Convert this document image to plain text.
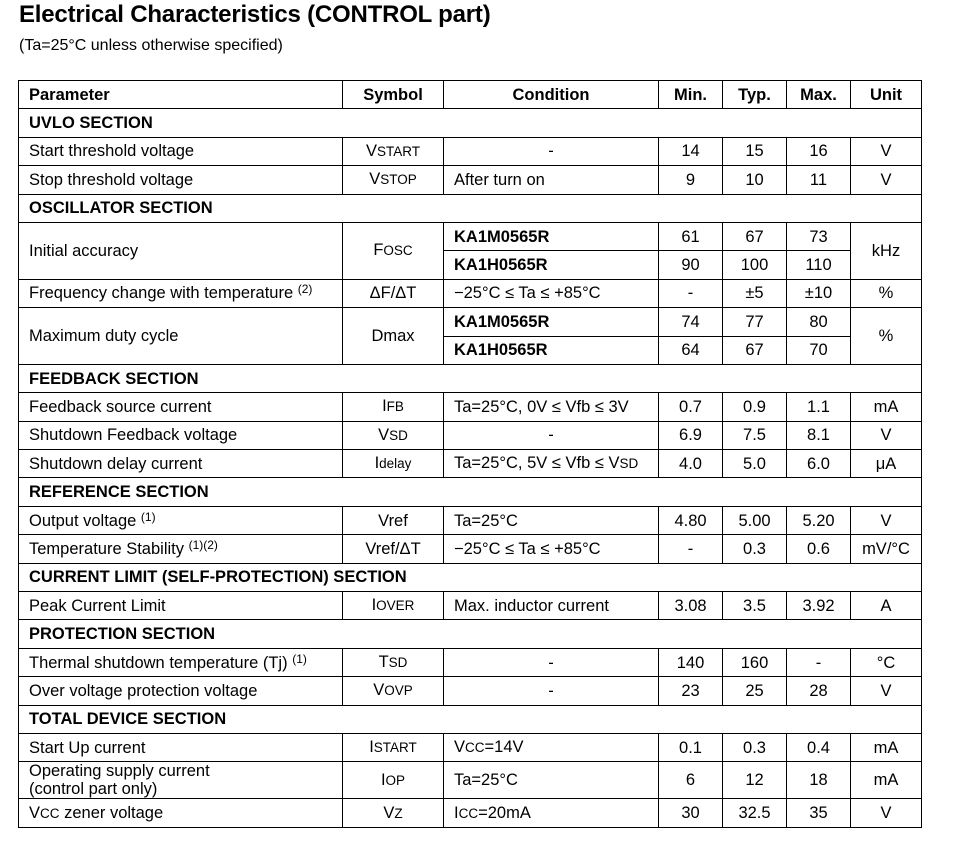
Electrical Characteristics (CONTROL part)

(Ta=25°C unless otherwise specified)

Parameter	Symbol	Condition	Min.	Typ.	Max.	Unit
UVLO SECTION						
Start threshold voltage	VSTART	-	14	15	16	V
Stop threshold voltage	VSTOP	After turn on	9	10	11	V
OSCILLATOR SECTION						
Initial accuracy	FOSC	KA1M0565R	61	67	73	kHz
		KA1H0565R	90	100	110	
Frequency change with temperature $^{(2)}$	ΔF/ΔT	−25°C ≤ Ta ≤ +85°C	-	±5	±10	%
Maximum duty cycle	Dmax	KA1M0565R	74	77	80	%
		KA1H0565R	64	67	70	
FEEDBACK SECTION						
Feedback source current	IFB	Ta=25°C, 0V ≤ Vfb ≤ 3V	0.7	0.9	1.1	mA
Shutdown Feedback voltage	VSD	-	6.9	7.5	8.1	V
Shutdown delay current	Idelay	Ta=25°C, 5V ≤ Vfb ≤ VSD	4.0	5.0	6.0	μA
REFERENCE SECTION						
Output voltage $^{(1)}$	Vref	Ta=25°C	4.80	5.00	5.20	V
Temperature Stability $^{(1)(2)}$	Vref/ΔT	−25°C ≤ Ta ≤ +85°C	-	0.3	0.6	mV/°C
CURRENT LIMIT (SELF-PROTECTION) SECTION						
Peak Current Limit	IOVER	Max. inductor current	3.08	3.5	3.92	A
PROTECTION SECTION						
Thermal shutdown temperature (Tj) $^{(1)}$	TSD	-	140	160	-	°C
Over voltage protection voltage	VOVP	-	23	25	28	V
TOTAL DEVICE SECTION						
Start Up current	ISTART	VCC=14V	0.1	0.3	0.4	mA
Operating supply current
(control part only)	IOP	Ta=25°C	6	12	18	mA
VCC zener voltage	VZ	ICC=20mA	30	32.5	35	V
